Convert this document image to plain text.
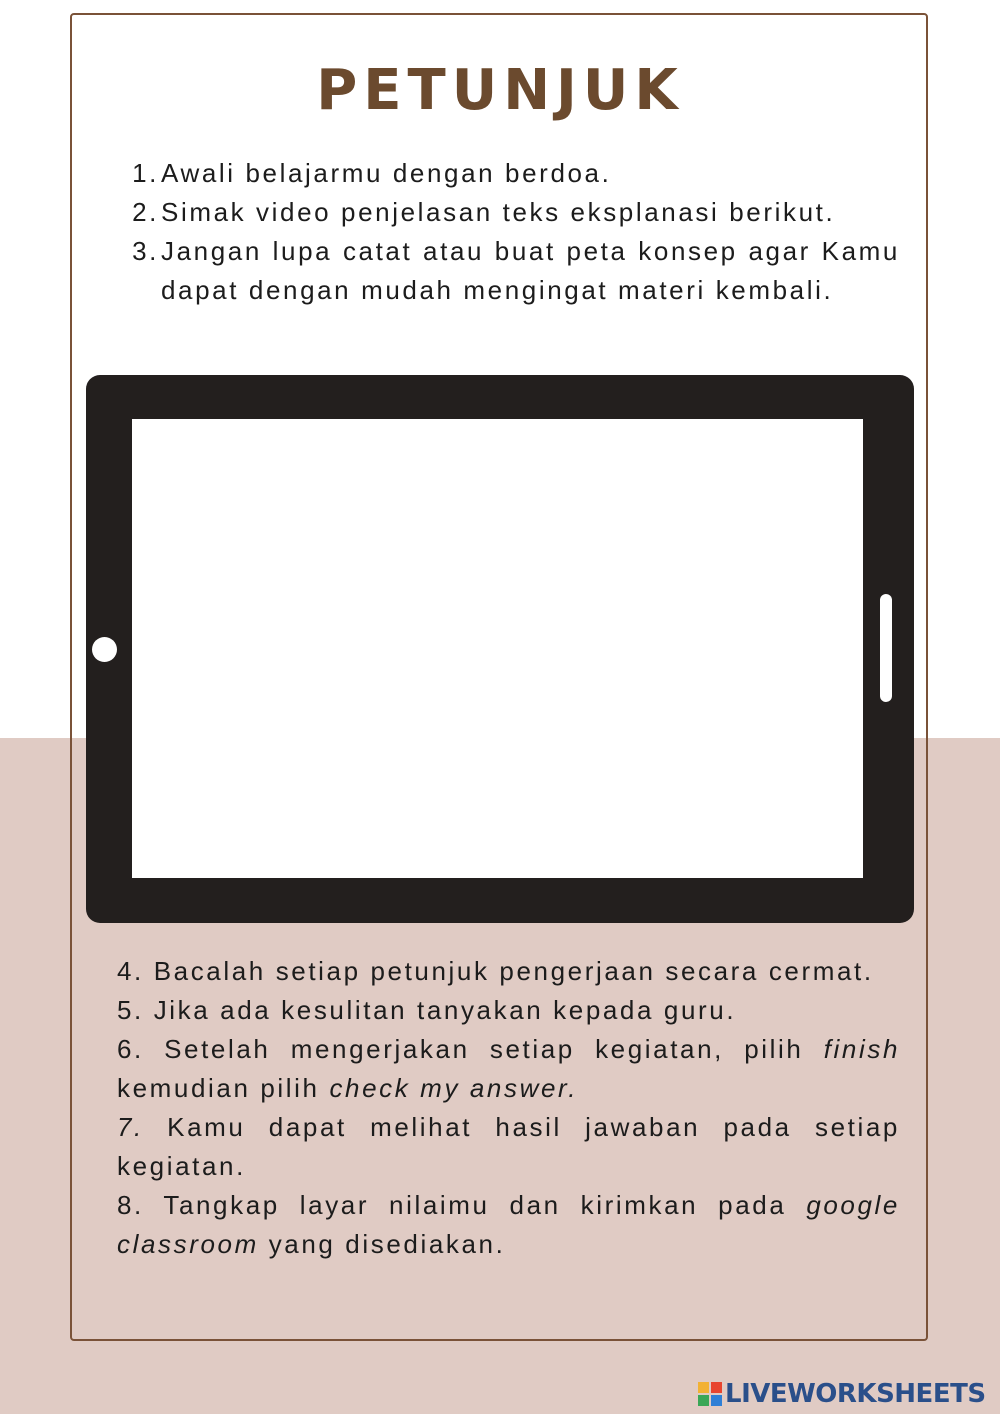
PETUNJUK
1. Awali belajarmu dengan berdoa.
2. Simak video penjelasan teks eksplanasi berikut.
3. Jangan lupa catat atau buat peta konsep agar Kamu dapat dengan mudah mengingat materi kembali.

4. Bacalah setiap petunjuk pengerjaan secara cermat.

5. Jika ada kesulitan tanyakan kepada guru.

6. Setelah mengerjakan setiap kegiatan, pilih finish kemudian pilih check my answer.

7. Kamu dapat melihat hasil jawaban pada setiap kegiatan.

8. Tangkap layar nilaimu dan kirimkan pada google classroom yang disediakan.

LIVEWORKSHEETS
